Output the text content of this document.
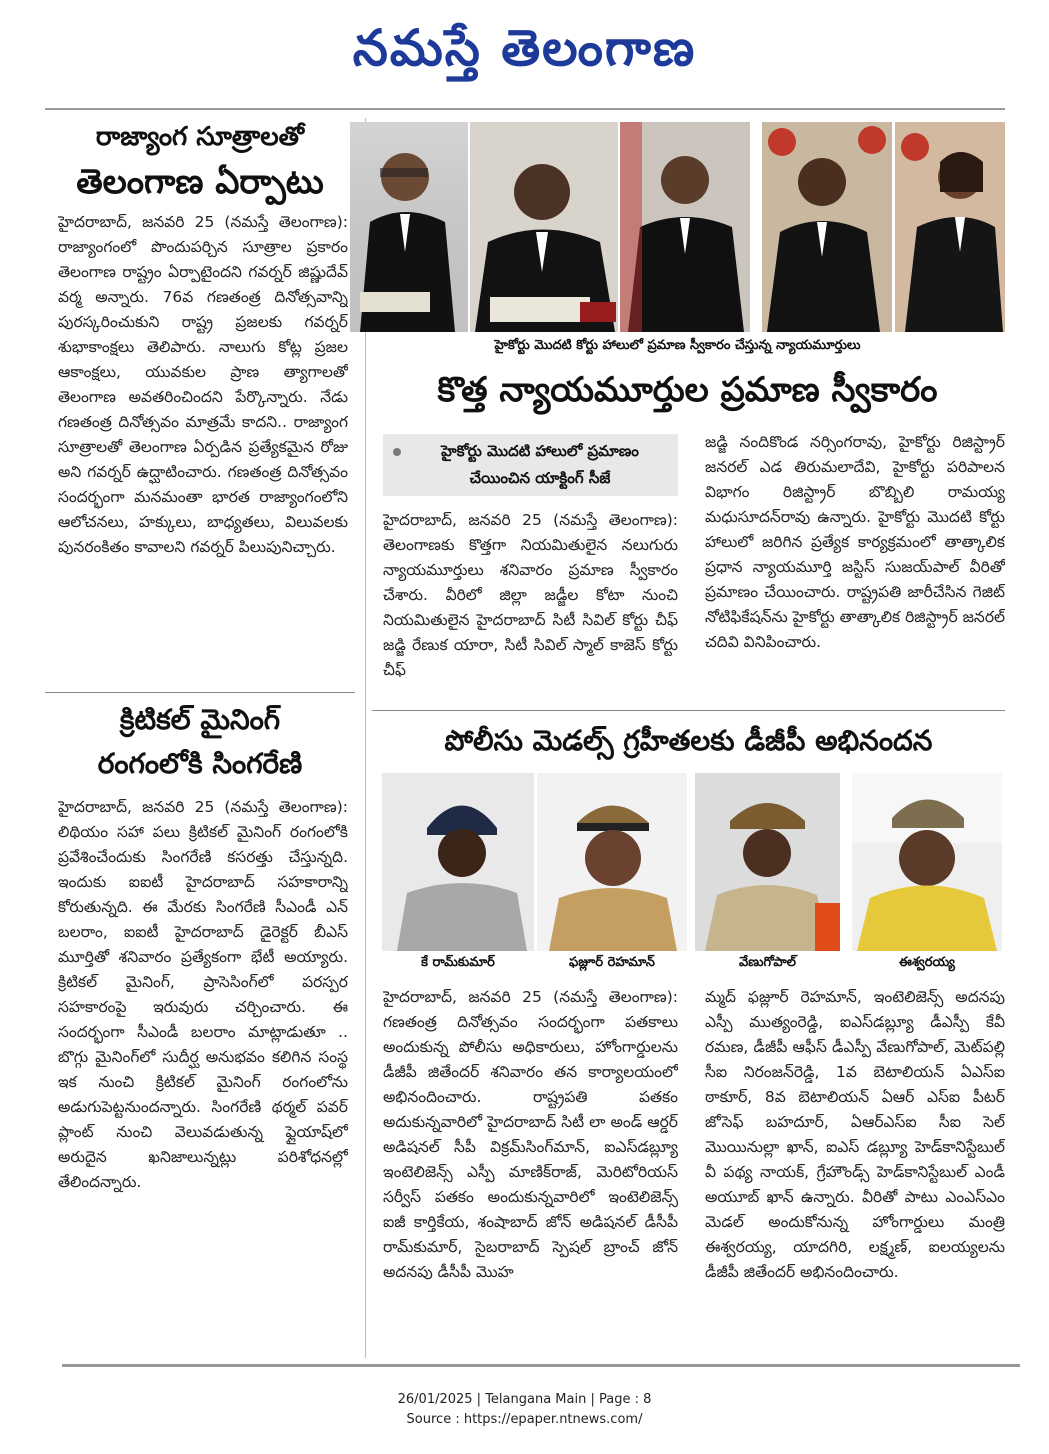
నమస్తే తెలంగాణ
రాజ్యాంగ సూత్రాలతో
తెలంగాణ ఏర్పాటు

హైదరాబాద్, జనవరి 25 (నమస్తే తెలంగాణ): రాజ్యాంగంలో పొందుపర్చిన సూత్రాల ప్రకారం తెలంగాణ రాష్ట్రం ఏర్పాటైందని గవర్నర్ జిష్ణుదేవ్ వర్మ అన్నారు. 76వ గణతంత్ర దినోత్సవాన్ని పురస్కరించుకుని రాష్ట్ర ప్రజలకు గవర్నర్ శుభాకాంక్షలు తెలిపారు. నాలుగు కోట్ల ప్రజల ఆకాంక్షలు, యువకుల ప్రాణ త్యాగాలతో తెలంగాణ అవతరించిందని పేర్కొన్నారు. నేడు గణతంత్ర దినోత్సవం మాత్రమే కాదని.. రాజ్యాంగ సూత్రాలతో తెలంగాణ ఏర్పడిన ప్రత్యేకమైన రోజు అని గవర్నర్ ఉద్ఘాటించారు. గణతంత్ర దినోత్సవం సందర్భంగా మనమంతా భారత రాజ్యాంగంలోని ఆలోచనలు, హక్కులు, బాధ్యతలు, విలువలకు పునరంకితం కావాలని గవర్నర్ పిలుపునిచ్చారు.

క్రిటికల్ మైనింగ్
రంగంలోకి సింగరేణి

హైదరాబాద్, జనవరి 25 (నమస్తే తెలంగాణ): లిథియం సహా పలు క్రిటికల్ మైనింగ్ రంగంలోకి ప్రవేశించేందుకు సింగరేణి కసరత్తు చేస్తున్నది. ఇందుకు ఐఐటీ హైదరాబాద్ సహకారాన్ని కోరుతున్నది. ఈ మేరకు సింగరేణి సీఎండీ ఎన్ బలరాం, ఐఐటీ హైదరాబాద్ డైరెక్టర్ బీఎస్ మూర్తితో శనివారం ప్రత్యేకంగా భేటీ అయ్యారు. క్రిటికల్ మైనింగ్, ప్రాసెసింగ్‌లో పరస్పర సహకారంపై ఇరువురు చర్చించారు. ఈ సందర్భంగా సీఎండీ బలరాం మాట్లాడుతూ .. బొగ్గు మైనింగ్‌లో సుదీర్ఘ అనుభవం కలిగిన సంస్థ ఇక నుంచి క్రిటికల్ మైనింగ్ రంగంలోను అడుగుపెట్టనుందన్నారు. సింగరేణి థర్మల్ పవర్ ప్లాంట్ నుంచి వెలువడుతున్న ఫ్లైయాష్‌లో అరుదైన ఖనిజాలున్నట్లు పరిశోధనల్లో తేలిందన్నారు.

హైకోర్టు మొదటి కోర్టు హాలులో ప్రమాణ స్వీకారం చేస్తున్న న్యాయమూర్తులు
కొత్త న్యాయమూర్తుల ప్రమాణ స్వీకారం
హైకోర్టు మొదటి హాలులో ప్రమాణం చేయించిన యాక్టింగ్ సీజే

హైదరాబాద్, జనవరి 25 (నమస్తే తెలంగాణ): తెలంగాణకు కొత్తగా నియమితులైన నలుగురు న్యాయమూర్తులు శనివారం ప్రమాణ స్వీకారం చేశారు. వీరిలో జిల్లా జడ్జీల కోటా నుంచి నియమితులైన హైదరాబాద్ సిటీ సివిల్ కోర్టు చీఫ్ జడ్జి రేణుక యారా, సిటీ సివిల్ స్మాల్ కాజెస్ కోర్టు చీఫ్

జడ్జి నందికొండ నర్సింగరావు, హైకోర్టు రిజిస్ట్రార్ జనరల్ ఎడ తిరుమలాదేవి, హైకోర్టు పరిపాలన విభాగం రిజిస్ట్రార్ బొబ్బిలి రామయ్య మధుసూదన్‌రావు ఉన్నారు. హైకోర్టు మొదటి కోర్టు హాలులో జరిగిన ప్రత్యేక కార్యక్రమంలో తాత్కాలిక ప్రధాన న్యాయమూర్తి జస్టిస్ సుజయ్‌పాల్ వీరితో ప్రమాణం చేయించారు. రాష్ట్రపతి జారీచేసిన గెజిట్ నోటిఫికేషన్‌ను హైకోర్టు తాత్కాలిక రిజిస్ట్రార్ జనరల్ చదివి వినిపించారు.

పోలీసు మెడల్స్ గ్రహీతలకు డీజీపీ అభినందన
కే రామ్‌కుమార్	ఫజ్లూర్ రెహమాన్	వేణుగోపాల్	ఈశ్వరయ్య

హైదరాబాద్, జనవరి 25 (నమస్తే తెలంగాణ): గణతంత్ర దినోత్సవం సందర్భంగా పతకాలు అందుకున్న పోలీసు అధికారులు, హోంగార్డులను డీజీపీ జితేందర్ శనివారం తన కార్యాలయంలో అభినందించారు. రాష్ట్రపతి పతకం అదుకున్నవారిలో హైదరాబాద్ సిటీ లా అండ్ ఆర్డర్ అడిషనల్ సీపీ విక్రమ్‌సింగ్‌మాన్, ఐఎస్‌డబ్ల్యూ ఇంటెలిజెన్స్ ఎస్పీ మాణిక్‌రాజ్, మెరిటోరియస్ సర్వీస్ పతకం అందుకున్నవారిలో ఇంటెలిజెన్స్ ఐజీ కార్తికేయ, శంషాబాద్ జోన్ అడిషనల్ డీసీపీ రామ్‌కుమార్, సైబరాబాద్ స్పెషల్ బ్రాంచ్ జోన్ అదనపు డీసీపీ మొహ

మ్మద్ ఫజ్లూర్ రెహమాన్, ఇంటెలిజెన్స్ అదనపు ఎస్పీ ముత్యంరెడ్డి, ఐఎస్‌డబ్ల్యూ డీఎస్పీ కేవీ రమణ, డీజీపీ ఆఫీస్ డీఎస్పీ వేణుగోపాల్, మెట్‌పల్లి సీఐ నిరంజన్‌రెడ్డి, 1వ బెటాలియన్ ఏఎస్ఐ ఠాకూర్, 8వ బెటాలియన్ ఏఆర్ ఎస్ఐ పీటర్ జోసెఫ్ బహదూర్, ఏఆర్ఎస్ఐ సీఐ సెల్ మొయినుల్లా ఖాన్, ఐఎస్ డబ్ల్యూ హెడ్‌కానిస్టేబుల్ వీ పథ్య నాయక్, గ్రేహౌండ్స్ హెడ్‌కానిస్టేబుల్ ఎండీ అయూబ్ ఖాన్ ఉన్నారు. వీరితో పాటు ఎంఎస్‌ఎం మెడల్ అందుకోనున్న హోంగార్డులు మంత్రి ఈశ్వరయ్య, యాదగిరి, లక్ష్మణ్, ఐలయ్యలను డీజీపీ జితేందర్ అభినందించారు.

26/01/2025 | Telangana Main | Page : 8
Source : https://epaper.ntnews.com/
